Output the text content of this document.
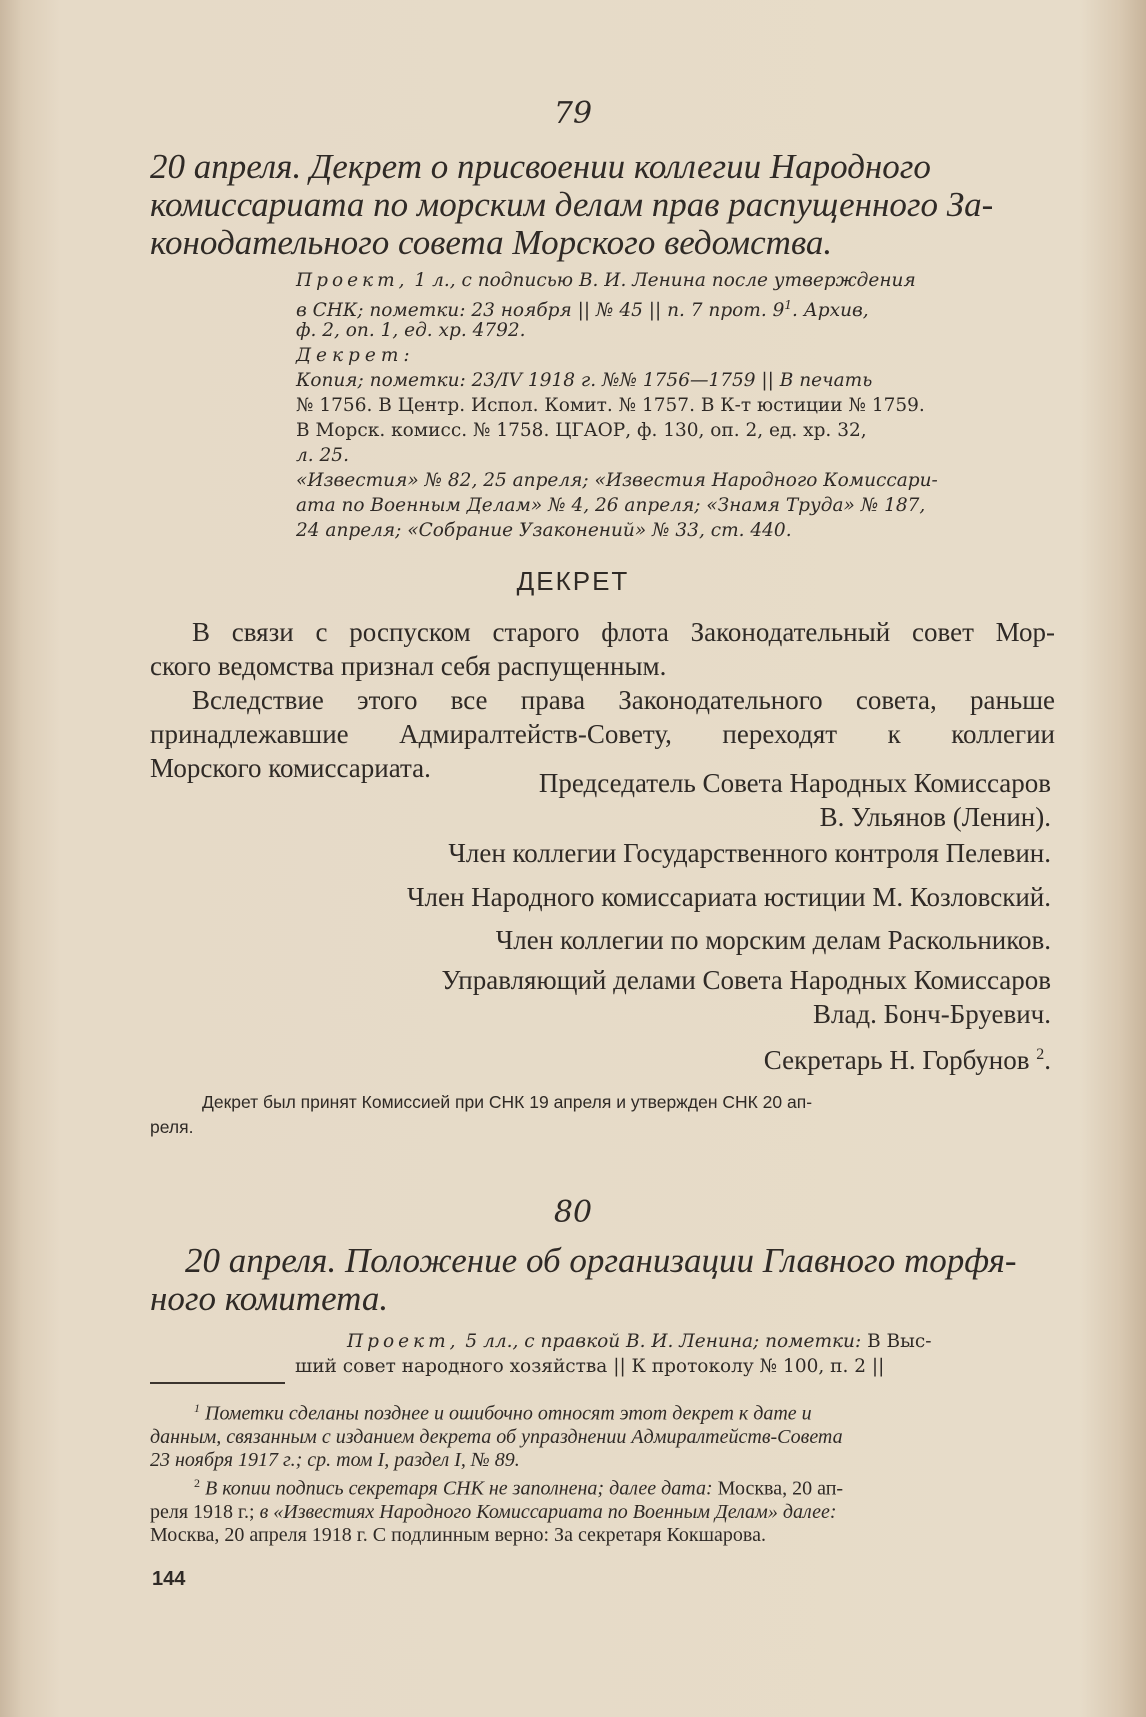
79
20 апреля. Декрет о присвоении коллегии Народного
комиссариата по морским делам прав распущенного За-
конодательного совета Морского ведомства.
Проект, 1 л., с подписью В. И. Ленина после утверждения
в СНК; пометки: 23 ноября || № 45 || п. 7 прот. $9^1$. Архив,
ф. 2, оп. 1, ед. хр. 4792.
Декрет:
Копия; пометки: 23/IV 1918 г. №№ 1756—1759 || В печать
№ 1756. В Центр. Испол. Комит. № 1757. В К-т юстиции № 1759.
В Морск. комисс. № 1758. ЦГАОР, ф. 130, оп. 2, ед. хр. 32,
л. 25.
«Известия» № 82, 25 апреля; «Известия Народного Комиссари-
ата по Военным Делам» № 4, 26 апреля; «Знамя Труда» № 187,
24 апреля; «Собрание Узаконений» № 33, ст. 440.
ДЕКРЕТ
В связи с роспуском старого флота Законодательный совет Мор-
ского ведомства признал себя распущенным.
Вследствие этого все права Законодательного совета, раньше
принадлежавшие Адмиралтейств-Совету, переходят к коллегии
Морского комиссариата.	Председатель Совета Народных Комиссаров
В. Ульянов (Ленин).
Член коллегии Государственного контроля Пелевин.
Член Народного комиссариата юстиции М. Козловский.
Член коллегии по морским делам Раскольников.
Управляющий делами Совета Народных Комиссаров
Влад. Бонч-Бруевич.
Секретарь Н. Горбунов $^2$.
Декрет был принят Комиссией при СНК 19 апреля и утвержден СНК 20 ап-
реля.
80
20 апреля. Положение об организации Главного торфя-
ного комитета.
Проект, 5 лл., с правкой В. И. Ленина; пометки: В Выс-
ший совет народного хозяйства || К протоколу № 100, п. 2 ||
$^1$ Пометки сделаны позднее и ошибочно относят этот декрет к дате и
данным, связанным с изданием декрета об упразднении Адмиралтейств-Совета
23 ноября 1917 г.; ср. том I, раздел I, № 89.
$^2$ В копии подпись секретаря СНК не заполнена; далее дата: Москва, 20 ап-
реля 1918 г.; в «Известиях Народного Комиссариата по Военным Делам» далее:
Москва, 20 апреля 1918 г. С подлинным верно: За секретаря Кокшарова.
144
